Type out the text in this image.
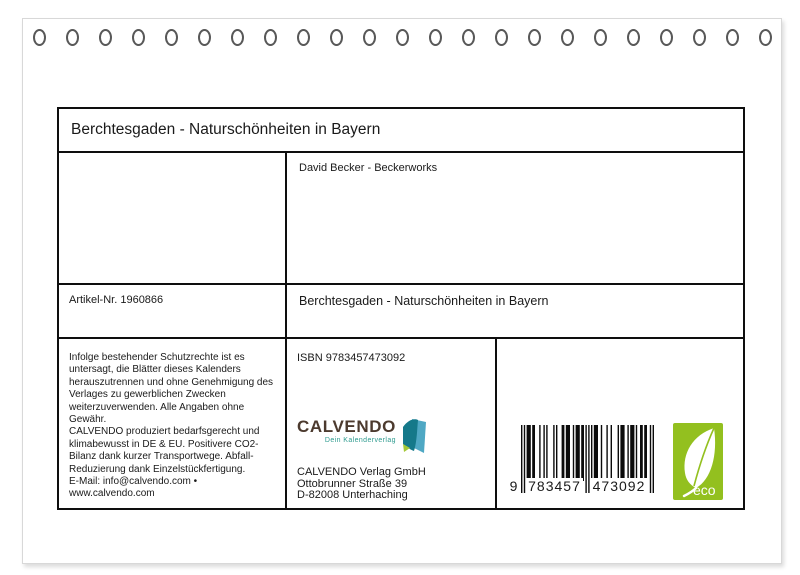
Berchtesgaden - Naturschönheiten in Bayern
David Becker - Beckerworks
Artikel-Nr. 1960866	Berchtesgaden - Naturschönheiten in Bayern

Infolge bestehender Schutzrechte ist es untersagt, die Blätter dieses Kalenders herauszutrennen und ohne Genehmigung des Verlages zu gewerblichen Zwecken weiterzuverwenden. Alle Angaben ohne Gewähr.

CALVENDO produziert bedarfsgerecht und klimabewusst in DE & EU. Positivere CO2-Bilanz dank kurzer Transportwege. Abfall-Reduzierung dank Einzelstückfertigung.

E-Mail: info@calvendo.com • www.calvendo.com

ISBN 9783457473092
CALVENDO
Dein Kalenderverlag
CALVENDO Verlag GmbH
Ottobrunner Straße 39
D-82008 Unterhaching
9 783457 473092	eco
